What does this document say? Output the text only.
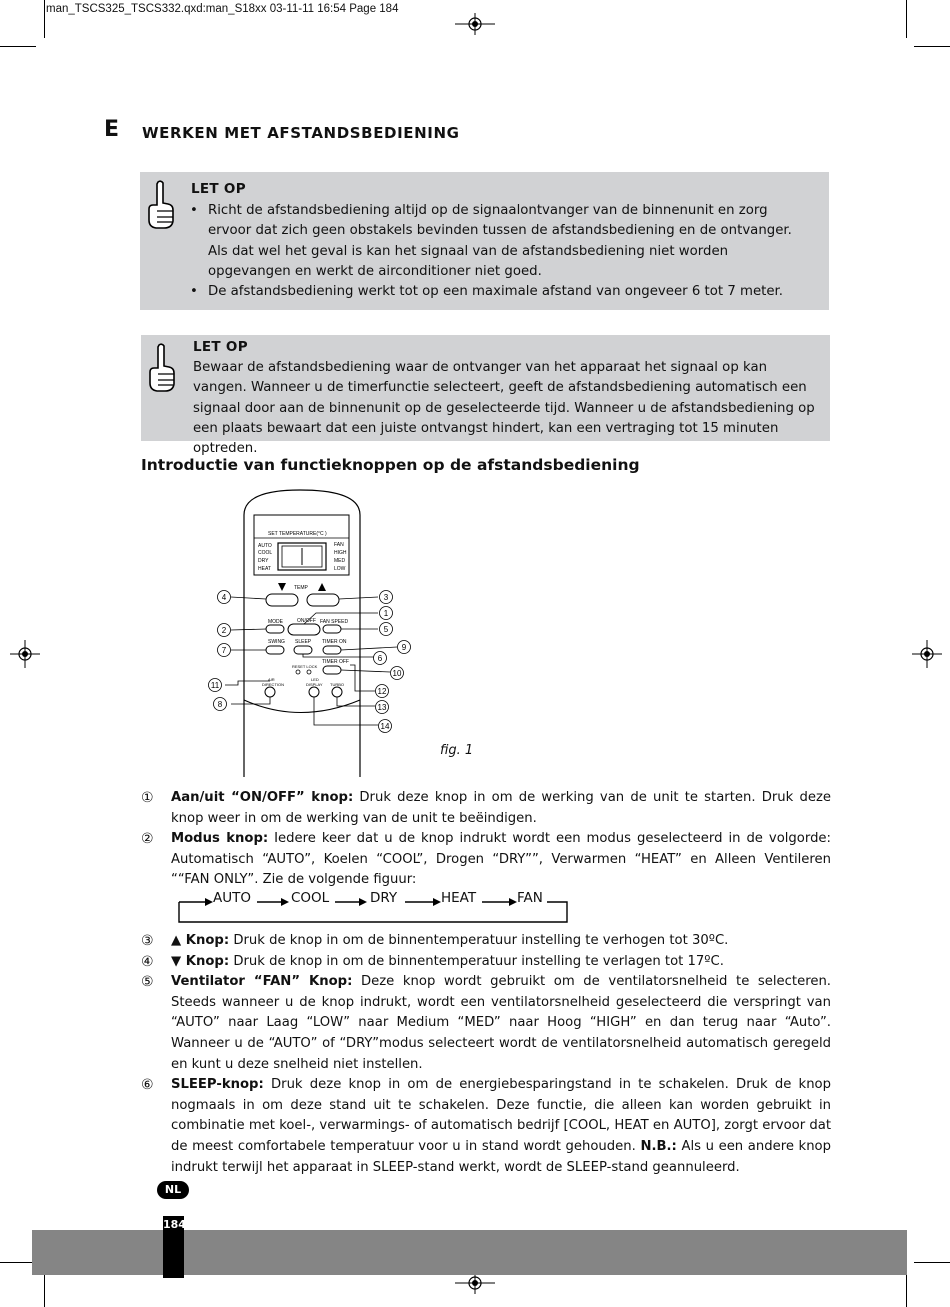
man_TSCS325_TSCS332.qxd:man_S18xx 03-11-11 16:54 Page 184
E WERKEN MET AFSTANDSBEDIENING
LET OP
• Richt de afstandsbediening altijd op de signaalontvanger van de binnenunit en zorg ervoor dat zich geen obstakels bevinden tussen de afstandsbediening en de ontvanger. Als dat wel het geval is kan het signaal van de afstandsbediening niet worden opgevangen en werkt de airconditioner niet goed.
• De afstandsbediening werkt tot op een maximale afstand van ongeveer 6 tot 7 meter.
LET OP
Bewaar de afstandsbediening waar de ontvanger van het apparaat het signaal op kan vangen. Wanneer u de timerfunctie selecteert, geeft de afstandsbediening automatisch een signaal door aan de binnenunit op de geselecteerde tijd. Wanneer u de afstandsbediening op een plaats bewaart dat een juiste ontvangst hindert, kan een vertraging tot 15 minuten optreden.
Introductie van functieknoppen op de afstandsbediening
SET TEMPERATURE(°C )
AUTO
COOL
DRY
HEAT
FAN
HIGH
MED
LOW
TEMP
MODE	ON/OFF FAN SPEED
SWING SLEEP TIMER ON
RESET LOCK
TIMER OFF
AIR
DIRECTION
LED
DISPLAY TURBO
1
2
3
4
5
6
7
8
9
10
11
12
13
14
fig. 1
① Aan/uit “ON/OFF” knop: Druk deze knop in om de werking van de unit te starten. Druk deze knop weer in om de werking van de unit te beëindigen.
② Modus knop: Iedere keer dat u de knop indrukt wordt een modus geselecteerd in de volgorde: Automatisch “AUTO”, Koelen “COOL”, Drogen “DRY””, Verwarmen “HEAT” en Alleen Ventileren ““FAN ONLY”. Zie de volgende figuur:
AUTO	COOL	DRY	HEAT	FAN
③ ▲ Knop: Druk de knop in om de binnentemperatuur instelling te verhogen tot 30ºC.
④ ▼ Knop: Druk de knop in om de binnentemperatuur instelling te verlagen tot 17ºC.
⑤ Ventilator “FAN” Knop: Deze knop wordt gebruikt om de ventilatorsnelheid te selecteren. Steeds wanneer u de knop indrukt, wordt een ventilatorsnelheid geselecteerd die verspringt van “AUTO” naar Laag “LOW” naar Medium “MED” naar Hoog “HIGH” en dan terug naar “Auto”. Wanneer u de “AUTO” of “DRY”modus selecteert wordt de ventilatorsnelheid automatisch geregeld en kunt u deze snelheid niet instellen.
⑥ SLEEP-knop: Druk deze knop in om de energiebesparingstand in te schakelen. Druk de knop nogmaals in om deze stand uit te schakelen. Deze functie, die alleen kan worden gebruikt in combinatie met koel-, verwarmings- of automatisch bedrijf [COOL, HEAT en AUTO], zorgt ervoor dat de meest comfortabele temperatuur voor u in stand wordt gehouden. N.B.: Als u een andere knop indrukt terwijl het apparaat in SLEEP-stand werkt, wordt de SLEEP-stand geannuleerd.
NL
184
